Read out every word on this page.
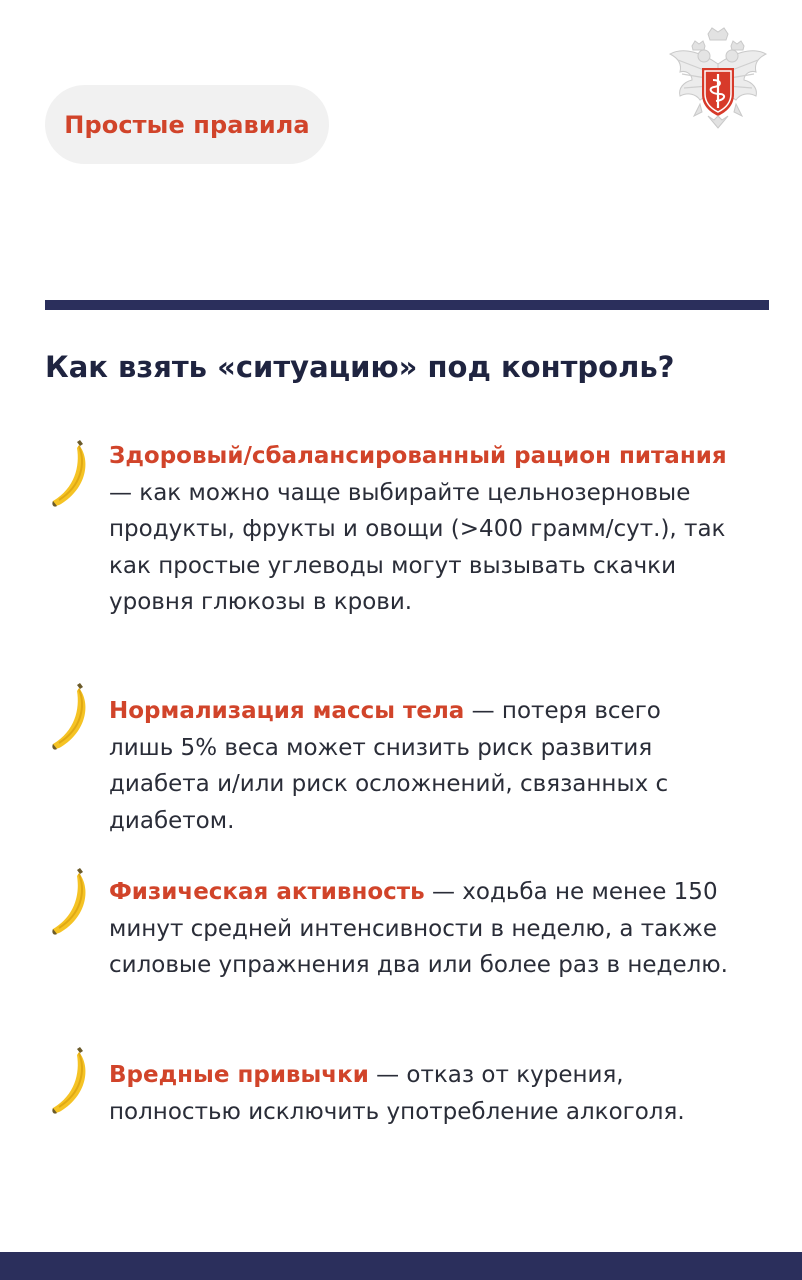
Простые правила
Как взять «ситуацию» под контроль?

Здоровый/сбалансированный рацион питания — как можно чаще выбирайте цельнозерновые продукты, фрукты и овощи (>400 грамм/сут.), так как простые углеводы могут вызывать скачки уровня глюкозы в крови.

Нормализация массы тела — потеря всего лишь 5% веса может снизить риск развития диабета и/или риск осложнений, связанных с диабетом.

Физическая активность — ходьба не менее 150 минут средней интенсивности в неделю, а также силовые упражнения два или более раз в неделю.

Вредные привычки — отказ от курения, полностью исключить употребление алкоголя.
